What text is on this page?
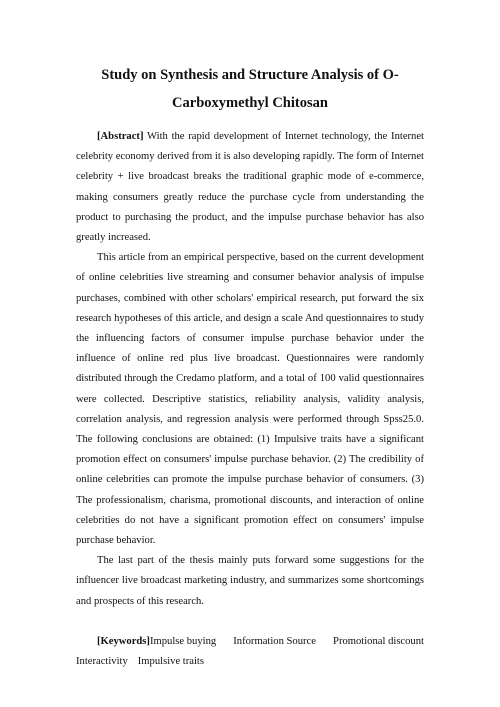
Study on Synthesis and Structure Analysis of O-
Carboxymethyl Chitosan

[Abstract] With the rapid development of Internet technology, the Internet celebrity economy derived from it is also developing rapidly. The form of Internet celebrity + live broadcast breaks the traditional graphic mode of e-commerce, making consumers greatly reduce the purchase cycle from understanding the product to purchasing the product, and the impulse purchase behavior has also greatly increased.

This article from an empirical perspective, based on the current development of online celebrities live streaming and consumer behavior analysis of impulse purchases, combined with other scholars' empirical research, put forward the six research hypotheses of this article, and design a scale And questionnaires to study the influencing factors of consumer impulse purchase behavior under the influence of online red plus live broadcast. Questionnaires were randomly distributed through the Credamo platform, and a total of 100 valid questionnaires were collected. Descriptive statistics, reliability analysis, validity analysis, correlation analysis, and regression analysis were performed through Spss25.0. The following conclusions are obtained: (1) Impulsive traits have a significant promotion effect on consumers' impulse purchase behavior. (2) The credibility of online celebrities can promote the impulse purchase behavior of consumers. (3) The professionalism, charisma, promotional discounts, and interaction of online celebrities do not have a significant promotion effect on consumers' impulse purchase behavior.

The last part of the thesis mainly puts forward some suggestions for the influencer live broadcast marketing industry, and summarizes some shortcomings and prospects of this research.

[Keywords]Impulse buying Information Source Promotional discount
Interactivity Impulsive traits
